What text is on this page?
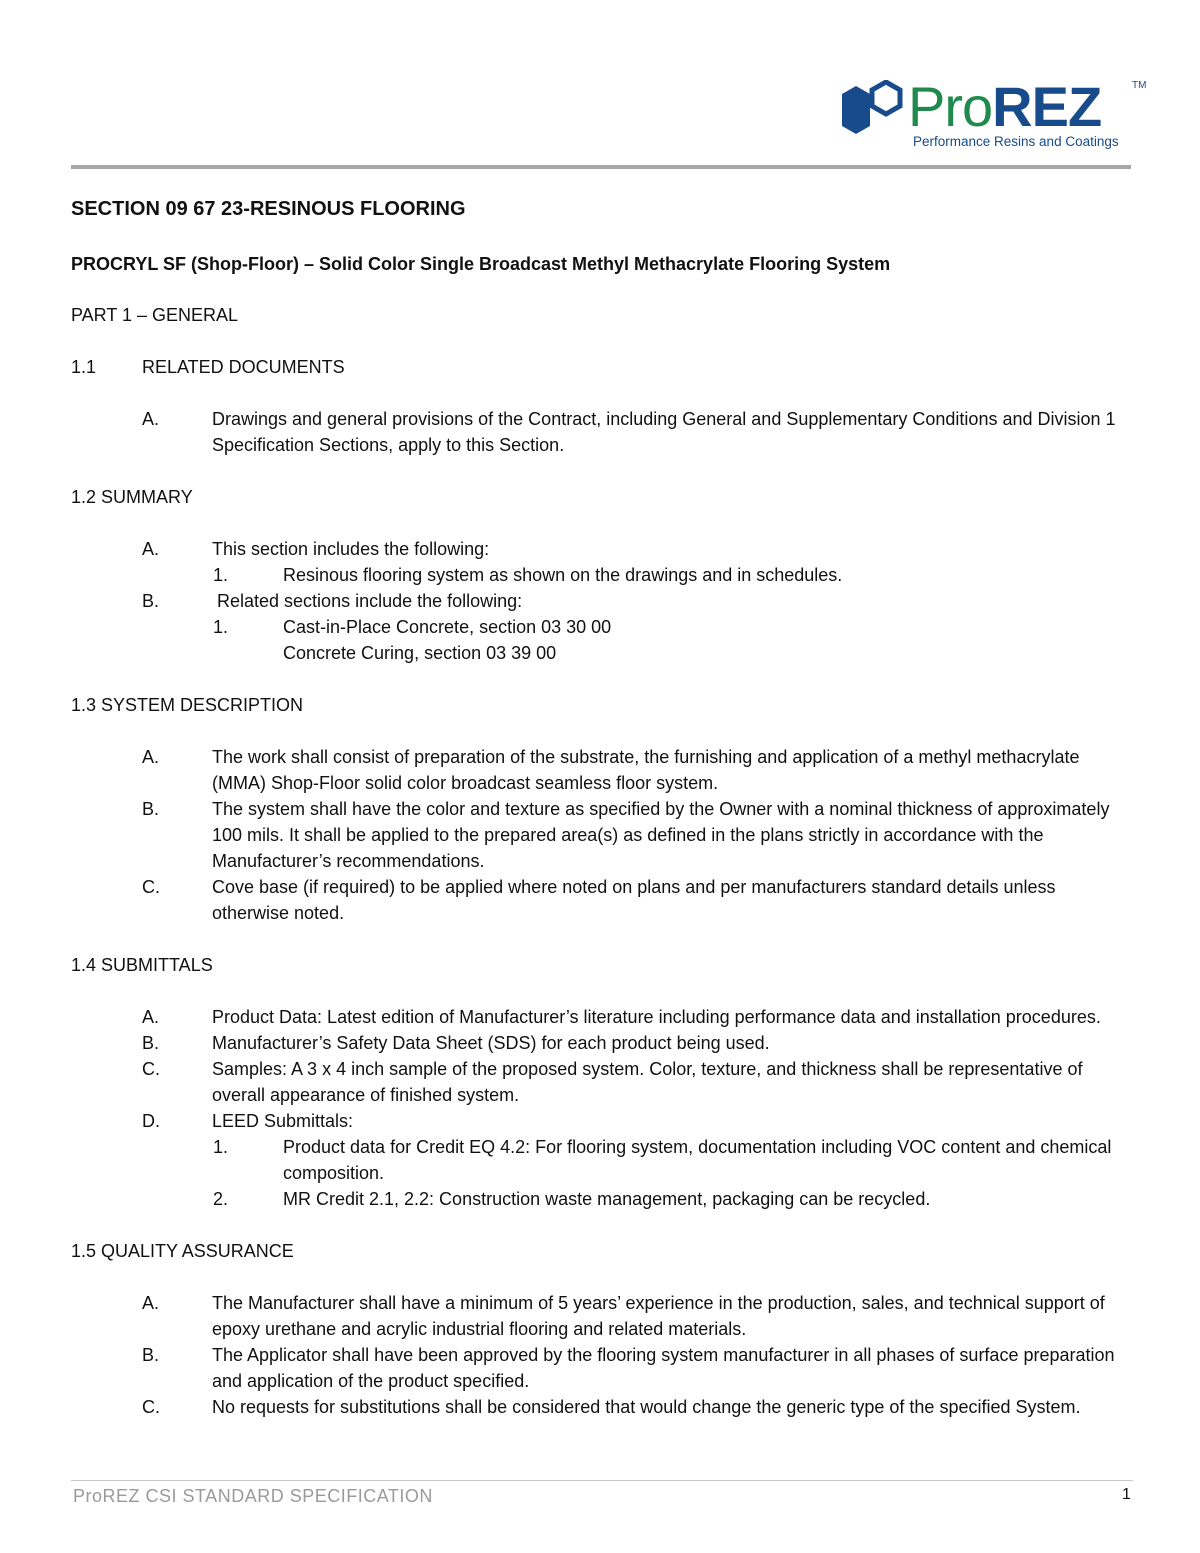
ProREZ	TM
Performance Resins and Coatings
SECTION 09 67 23-RESINOUS FLOORING
PROCRYL SF (Shop-Floor) – Solid Color Single Broadcast Methyl Methacrylate Flooring System
PART 1 – GENERAL
1.1	RELATED DOCUMENTS
A.	Drawings and general provisions of the Contract, including General and Supplementary Conditions and Division 1 Specification Sections, apply to this Section.
1.2 SUMMARY
A.	This section includes the following:
1.	Resinous flooring system as shown on the drawings and in schedules.
B.	Related sections include the following:
1.	Cast-in-Place Concrete, section 03 30 00
Concrete Curing, section 03 39 00
1.3 SYSTEM DESCRIPTION
A.	The work shall consist of preparation of the substrate, the furnishing and application of a methyl methacrylate (MMA) Shop-Floor solid color broadcast seamless floor system.
B.	The system shall have the color and texture as specified by the Owner with a nominal thickness of approximately 100 mils. It shall be applied to the prepared area(s) as defined in the plans strictly in accordance with the Manufacturer’s recommendations.
C.	Cove base (if required) to be applied where noted on plans and per manufacturers standard details unless otherwise noted.
1.4 SUBMITTALS
A.	Product Data: Latest edition of Manufacturer’s literature including performance data and installation procedures.
B.	Manufacturer’s Safety Data Sheet (SDS) for each product being used.
C.	Samples: A 3 x 4 inch sample of the proposed system. Color, texture, and thickness shall be representative of overall appearance of finished system.
D.	LEED Submittals:
1.	Product data for Credit EQ 4.2: For flooring system, documentation including VOC content and chemical composition.
2.	MR Credit 2.1, 2.2: Construction waste management, packaging can be recycled.
1.5 QUALITY ASSURANCE
A.	The Manufacturer shall have a minimum of 5 years’ experience in the production, sales, and technical support of epoxy urethane and acrylic industrial flooring and related materials.
B.	The Applicator shall have been approved by the flooring system manufacturer in all phases of surface preparation and application of the product specified.
C.	No requests for substitutions shall be considered that would change the generic type of the specified System.
ProREZ CSI STANDARD SPECIFICATION	1
